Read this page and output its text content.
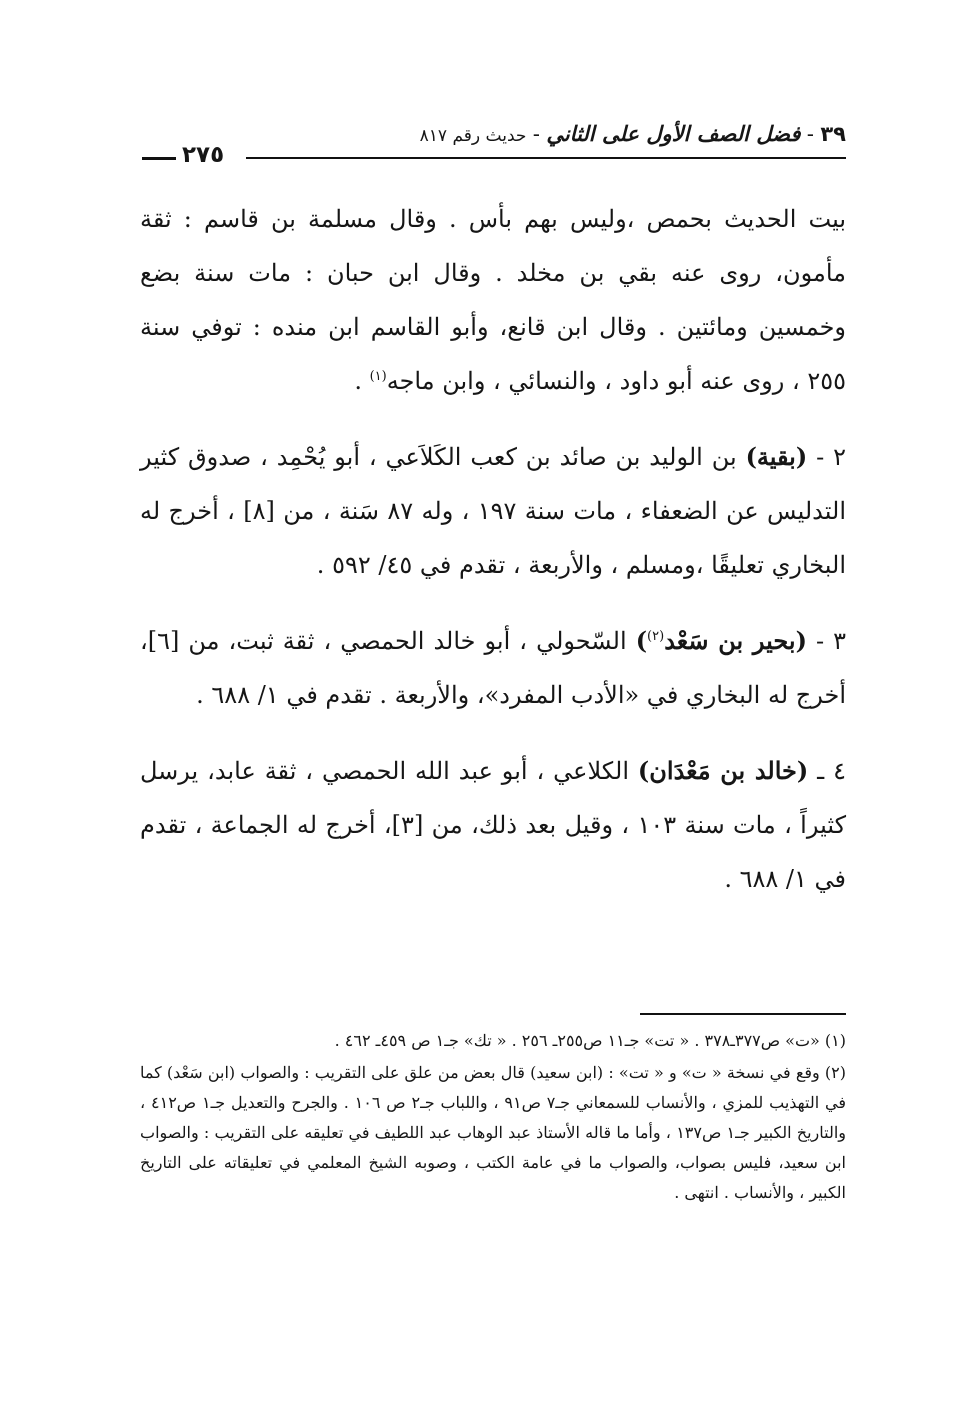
٣٩ - فضل الصف الأول على الثاني - حديث رقم ٨١٧
٢٧٥

بيت الحديث بحمص ،وليس بهم بأس . وقال مسلمة بن قاسم : ثقة مأمون، روى عنه بقي بن مخلد . وقال ابن حبان : مات سنة بضع وخمسين ومائتين . وقال ابن قانع، وأبو القاسم ابن منده : توفي سنة ٢٥٥ ، روى عنه أبو داود ، والنسائي ، وابن ماجه$^{(١)}$ .

٢ - (بقية) بن الوليد بن صائد بن كعب الكَلاَعي ، أبو يُحْمِد ، صدوق كثير التدليس عن الضعفاء ، مات سنة ١٩٧ ، وله ٨٧ سَنة ، من [٨] ، أخرج له البخاري تعليقًا ،ومسلم ، والأربعة ، تقدم في ٤٥/ ٥٩٢ .

٣ - (بحير بن سَعْد$^{(٢)}$) السّحولي ، أبو خالد الحمصي ، ثقة ثبت، من [٦]، أخرج له البخاري في «الأدب المفرد»، والأربعة . تقدم في ١/ ٦٨٨ .

٤ ـ (خالد بن مَعْدَان) الكلاعي ، أبو عبد الله الحمصي ، ثقة عابد، يرسل كثيراً ، مات سنة ١٠٣ ، وقيل بعد ذلك، من [٣]، أخرج له الجماعة ، تقدم في ١/ ٦٨٨ .

(١) «ت» ص٣٧٧ـ٣٧٨ . « تت» جـ١١ ص٢٥٥ـ ٢٥٦ . « تك» جـ١ ص ٤٥٩ـ ٤٦٢ .

(٢) وقع في نسخة « ت» و « تت» : (ابن سعيد) قال بعض من علق على التقريب : والصواب (ابن سَعْد) كما في التهذيب للمزي ، والأنساب للسمعاني جـ٧ ص٩١ ، واللباب جـ٢ ص ١٠٦ . والجرح والتعديل جـ١ ص٤١٢ ، والتاريخ الكبير جـ١ ص١٣٧ ، وأما ما قاله الأستاذ عبد الوهاب عبد اللطيف في تعليقه على التقريب : والصواب ابن سعيد، فليس بصواب، والصواب ما في عامة الكتب ، وصوبه الشيخ المعلمي في تعليقاته على التاريخ الكبير ، والأنساب . انتهى .
